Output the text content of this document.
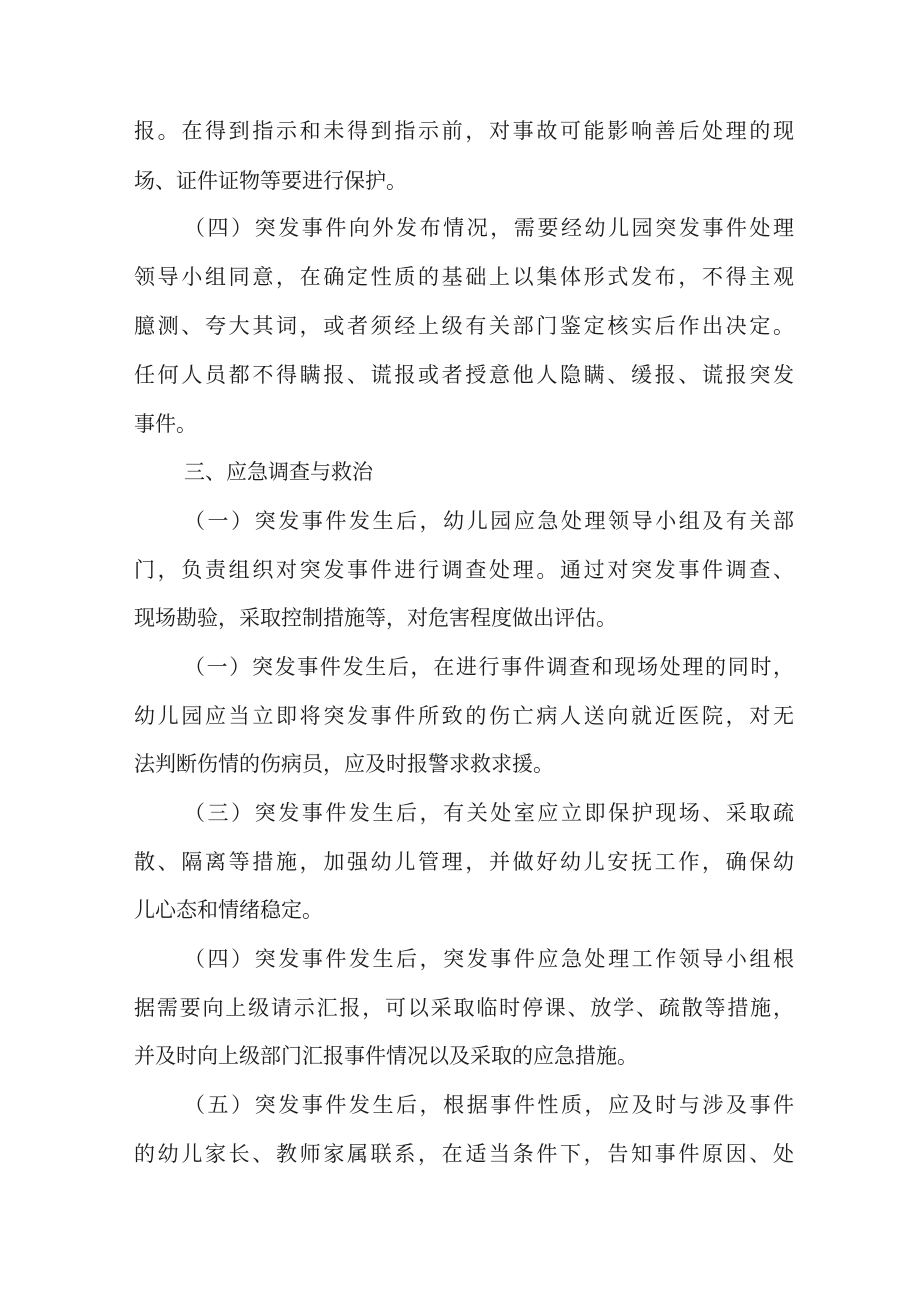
报。在得到指示和未得到指示前，对事故可能影响善后处理的现
场、证件证物等要进行保护。
（四）突发事件向外发布情况，需要经幼儿园突发事件处理
领导小组同意，在确定性质的基础上以集体形式发布，不得主观
臆测、夸大其词，或者须经上级有关部门鉴定核实后作出决定。
任何人员都不得瞒报、谎报或者授意他人隐瞒、缓报、谎报突发
事件。
三、应急调查与救治
（一）突发事件发生后，幼儿园应急处理领导小组及有关部
门，负责组织对突发事件进行调查处理。通过对突发事件调查、
现场勘验，采取控制措施等，对危害程度做出评估。
（一）突发事件发生后，在进行事件调查和现场处理的同时，
幼儿园应当立即将突发事件所致的伤亡病人送向就近医院，对无
法判断伤情的伤病员，应及时报警求救求援。
（三）突发事件发生后，有关处室应立即保护现场、采取疏
散、隔离等措施，加强幼儿管理，并做好幼儿安抚工作，确保幼
儿心态和情绪稳定。
（四）突发事件发生后，突发事件应急处理工作领导小组根
据需要向上级请示汇报，可以采取临时停课、放学、疏散等措施，
并及时向上级部门汇报事件情况以及采取的应急措施。
（五）突发事件发生后，根据事件性质，应及时与涉及事件
的幼儿家长、教师家属联系，在适当条件下，告知事件原因、处
